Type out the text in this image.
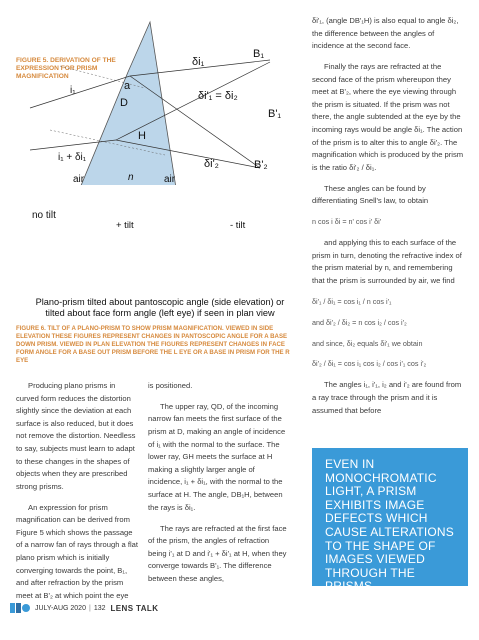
FIGURE 5. DERIVATION OF THE EXPRESSION FOR PRISM MAGNIFICATION
i₁	a
δi₁
B₁
D
δi'₁ = δi₂
B'₁
H
i₁ + δi₁
δi'₂	B'₂
air	n	air
no tilt
+ tilt	- tilt
Plano-prism tilted about pantoscopic angle (side elevation) or tilted about face form angle (left eye) if seen in plan view
FIGURE 6. TILT OF A PLANO-PRISM TO SHOW PRISM MAGNIFICATION. VIEWED IN SIDE ELEVATION THESE FIGURES REPRESENT CHANGES IN PANTOSCOPIC ANGLE FOR A BASE DOWN PRISM. VIEWED IN PLAN ELEVATION THE FIGURES REPRESENT CHANGES IN FACE FORM ANGLE FOR A BASE OUT PRISM BEFORE THE L EYE OR A BASE IN PRISM FOR THE R EYE

Producing plano prisms in curved form reduces the distortion slightly since the deviation at each surface is also reduced, but it does not remove the distortion. Needless to say, subjects must learn to adapt to these changes in the shapes of objects when they are prescribed strong prisms.

An expression for prism magnification can be derived from Figure 5 which shows the passage of a narrow fan of rays through a flat plano prism which is initially converging towards the point, B₁, and after refraction by the prism meet at B'₂ at which point the eye

is positioned.

The upper ray, QD, of the incoming narrow fan meets the first surface of the prism at D, making an angle of incidence of i₁ with the normal to the surface. The lower ray, GH meets the surface at H making a slightly larger angle of incidence, i₁ + δi₁, with the normal to the surface at H. The angle, DB₁H, between the rays is δi₁.

The rays are refracted at the first face of the prism, the angles of refraction being i'₁ at D and i'₁ + δi'₁ at H, when they converge towards B'₁. The difference between these angles,

δi'₁, (angle DB'₁H) is also equal to angle δi₂, the difference between the angles of incidence at the second face.

Finally the rays are refracted at the second face of the prism whereupon they meet at B'₂, where the eye viewing through the prism is situated. If the prism was not there, the angle subtended at the eye by the incoming rays would be angle δi₁. The action of the prism is to alter this to angle δi'₂. The magnification which is produced by the prism is the ratio δi'₂ / δi₁.

These angles can be found by differentiating Snell's law, to obtain

n cos i δi = n' cos i' δi'

and applying this to each surface of the prism in turn, denoting the refractive index of the prism material by n, and remembering that the prism is surrounded by air, we find

δi'₁ / δi₁ = cos i₁ / n cos i'₁

and δi'₂ / δi₂ = n cos i₂ / cos i'₂

and since, δi₂ equals δi'₁ we obtain

δi'₂ / δi₁ = cos i₁ cos i₂ / cos i'₁ cos i'₂

The angles i₁, i'₁, i₂ and i'₂ are found from a ray trace through the prism and it is assumed that before

EVEN IN
MONOCHROMATIC
LIGHT, A PRISM
EXHIBITS IMAGE
DEFECTS WHICH
CAUSE ALTERATIONS
TO THE SHAPE OF
IMAGES VIEWED
THROUGH THE
PRISMS
JULY-AUG 2020 | 132 LENS TALK
